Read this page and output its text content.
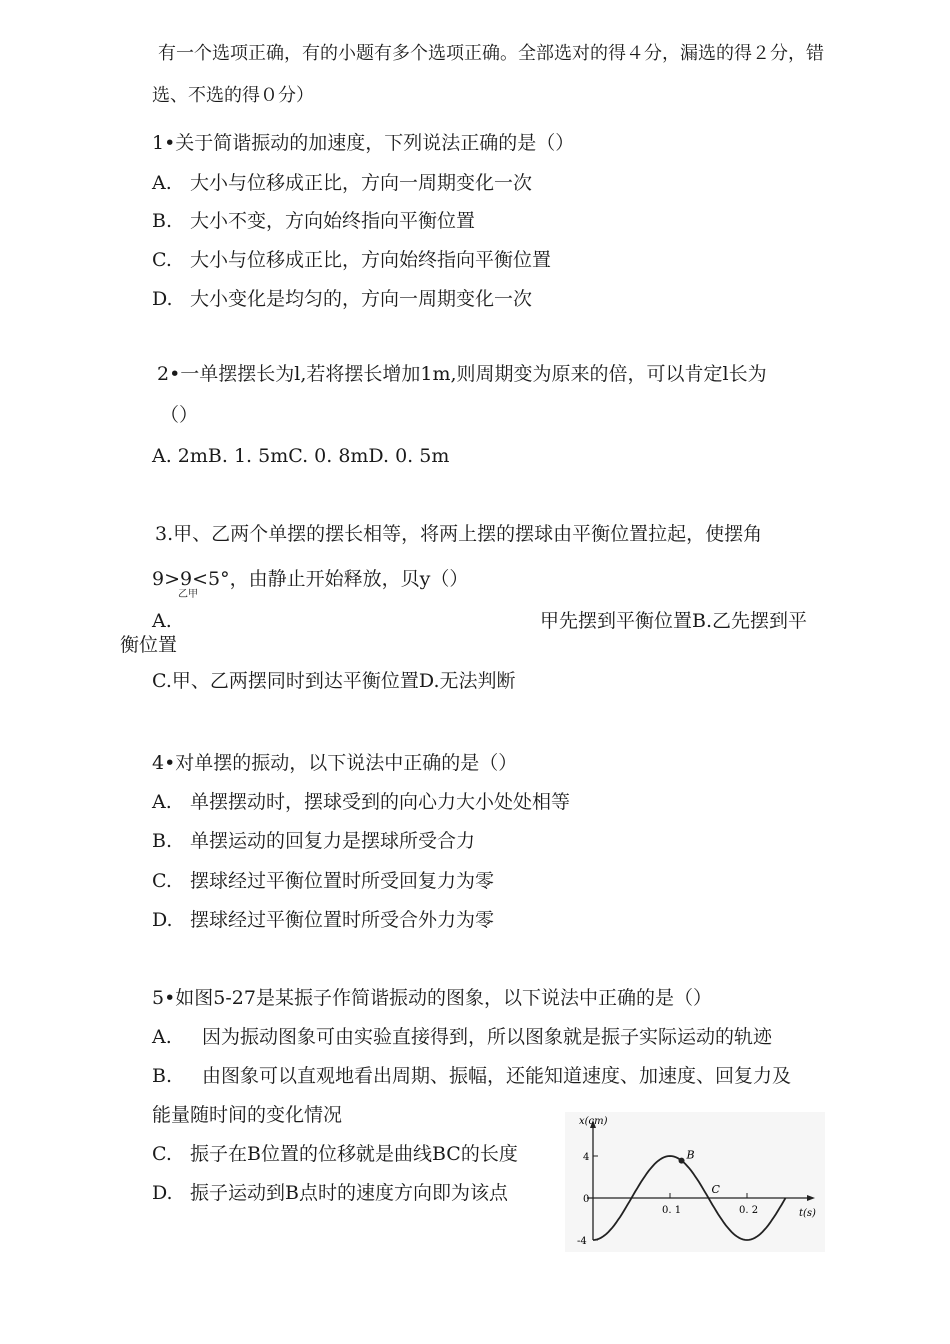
有一个选项正确，有的小题有多个选项正确。全部选对的得４分，漏选的得２分，错
选、不选的得０分）
1•关于简谐振动的加速度，下列说法正确的是（）
A. 大小与位移成正比，方向一周期变化一次
B. 大小不变，方向始终指向平衡位置
C. 大小与位移成正比，方向始终指向平衡位置
D. 大小变化是均匀的，方向一周期变化一次
2•一单摆摆长为l,若将摆长增加1m,则周期变为原来的倍，可以肯定l长为
（）
A. 2mB. 1. 5mC. 0. 8mD. 0. 5m
3.甲、乙两个单摆的摆长相等，将两上摆的摆球由平衡位置拉起，使摆角
9>9<5°，由静止开始释放，贝y（）
乙甲
A.	甲先摆到平衡位置B.乙先摆到平
衡位置
C.甲、乙两摆同时到达平衡位置D.无法判断
4•对单摆的振动，以下说法中正确的是（）
A. 单摆摆动时，摆球受到的向心力大小处处相等
B. 单摆运动的回复力是摆球所受合力
C. 摆球经过平衡位置时所受回复力为零
D. 摆球经过平衡位置时所受合外力为零
5•如图5-27是某振子作简谐振动的图象，以下说法中正确的是（）
A. 因为振动图象可由实验直接得到，所以图象就是振子实际运动的轨迹
B. 由图象可以直观地看出周期、振幅，还能知道速度、加速度、回复力及
能量随时间的变化情况
C. 振子在B位置的位移就是曲线BC的长度
D. 振子运动到B点时的速度方向即为该点
x(cm)
t(s)
0. 1	0. 2
4
0
-4
B
C
